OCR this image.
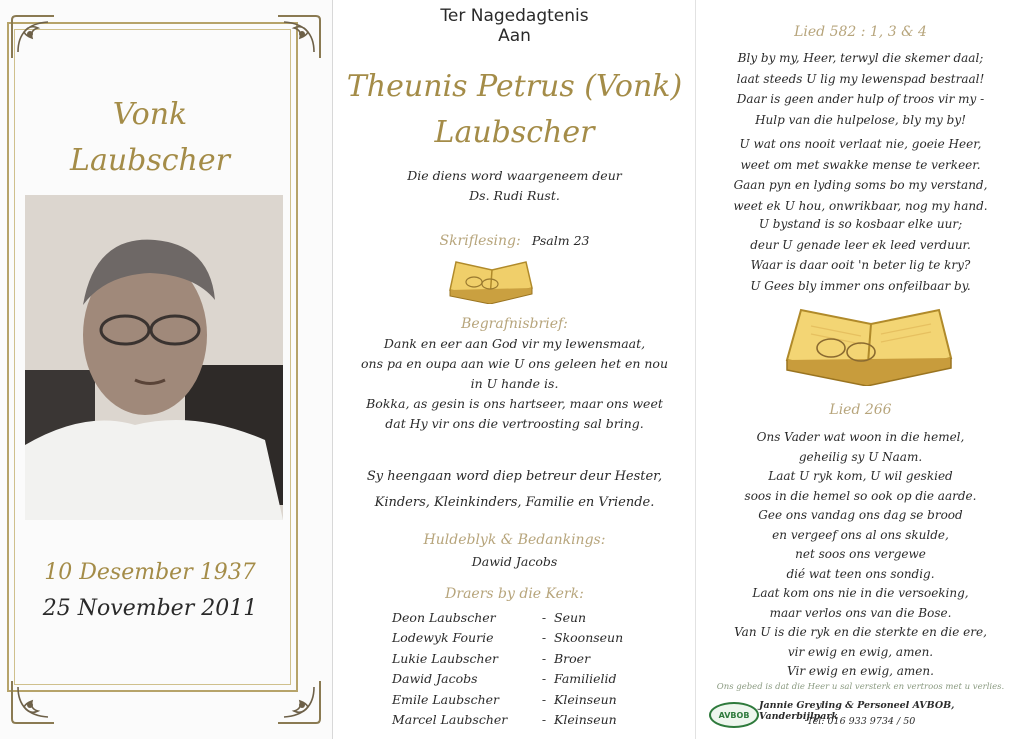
Vonk
Laubscher
10 Desember 1937
25 November 2011
Ter Nagedagtenis
Aan
Theunis Petrus (Vonk)
Laubscher
Die diens word waargeneem deur
Ds. Rudi Rust.
Skriflesing: Psalm 23
Begrafnisbrief:
Dank en eer aan God vir my lewensmaat,
ons pa en oupa aan wie U ons geleen het en nou
in U hande is.
Bokka, as gesin is ons hartseer, maar ons weet
dat Hy vir ons die vertroosting sal bring.
Sy heengaan word diep betreur deur Hester,
Kinders, Kleinkinders, Familie en Vriende.
Huldeblyk & Bedankings:
Dawid Jacobs
Draers by die Kerk:
Deon Laubscher	- Seun
Lodewyk Fourie	- Skoonseun
Lukie Laubscher	- Broer
Dawid Jacobs	- Familielid
Emile Laubscher	- Kleinseun
Marcel Laubscher	- Kleinseun
Lied 582 : 1, 3 & 4
Bly by my, Heer, terwyl die skemer daal;
laat steeds U lig my lewenspad bestraal!
Daar is geen ander hulp of troos vir my -
Hulp van die hulpelose, bly my by!
U wat ons nooit verlaat nie, goeie Heer,
weet om met swakke mense te verkeer.
Gaan pyn en lyding soms bo my verstand,
weet ek U hou, onwrikbaar, nog my hand.
U bystand is so kosbaar elke uur;
deur U genade leer ek leed verduur.
Waar is daar ooit 'n beter lig te kry?
U Gees bly immer ons onfeilbaar by.
Lied 266
Ons Vader wat woon in die hemel,
geheilig sy U Naam.
Laat U ryk kom, U wil geskied
soos in die hemel so ook op die aarde.
Gee ons vandag ons dag se brood
en vergeef ons al ons skulde,
net soos ons vergewe
dié wat teen ons sondig.
Laat kom ons nie in die versoeking,
maar verlos ons van die Bose.
Van U is die ryk en die sterkte en die ere,
vir ewig en ewig, amen.
Vir ewig en ewig, amen.
Ons gebed is dat die Heer u sal versterk en vertroos met u verlies.
AVBOB
Jannie Greyling & Personeel AVBOB, Vanderbijlpark
Tel: 016 933 9734 / 50
